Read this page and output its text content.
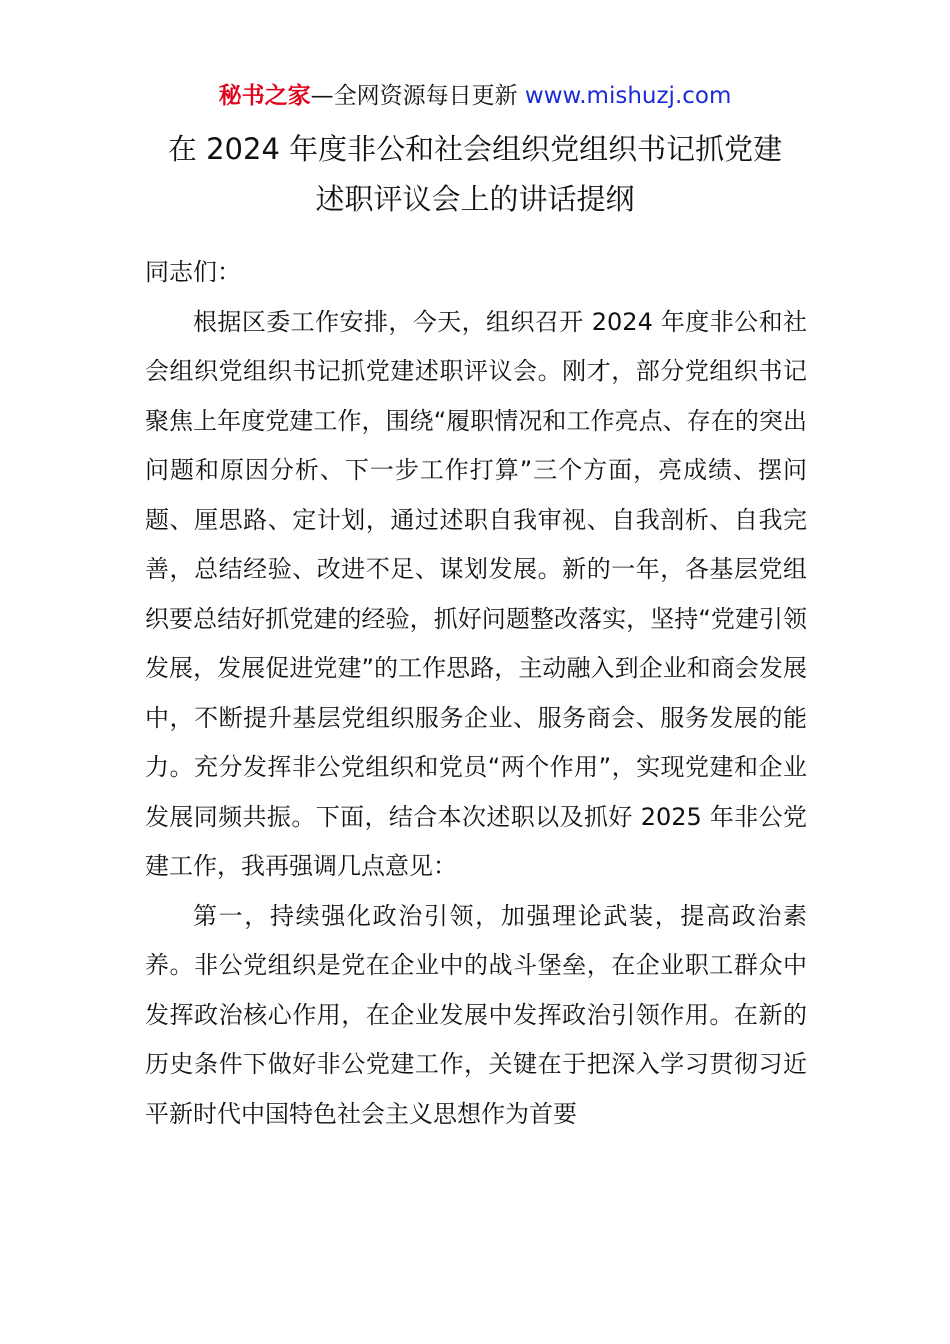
秘书之家—全网资源每日更新 www.mishuzj.com
在 2024 年度非公和社会组织党组织书记抓党建
述职评议会上的讲话提纲

同志们：

根据区委工作安排，今天，组织召开 2024 年度非公和社会组织党组织书记抓党建述职评议会。刚才，部分党组织书记聚焦上年度党建工作，围绕“履职情况和工作亮点、存在的突出问题和原因分析、下一步工作打算”三个方面，亮成绩、摆问题、厘思路、定计划，通过述职自我审视、自我剖析、自我完善，总结经验、改进不足、谋划发展。新的一年，各基层党组织要总结好抓党建的经验，抓好问题整改落实，坚持“党建引领发展，发展促进党建”的工作思路，主动融入到企业和商会发展中，不断提升基层党组织服务企业、服务商会、服务发展的能力。充分发挥非公党组织和党员“两个作用”，实现党建和企业发展同频共振。下面，结合本次述职以及抓好 2025 年非公党建工作，我再强调几点意见：

第一，持续强化政治引领，加强理论武装，提高政治素养。非公党组织是党在企业中的战斗堡垒，在企业职工群众中发挥政治核心作用，在企业发展中发挥政治引领作用。在新的历史条件下做好非公党建工作，关键在于把深入学习贯彻习近平新时代中国特色社会主义思想作为首要
